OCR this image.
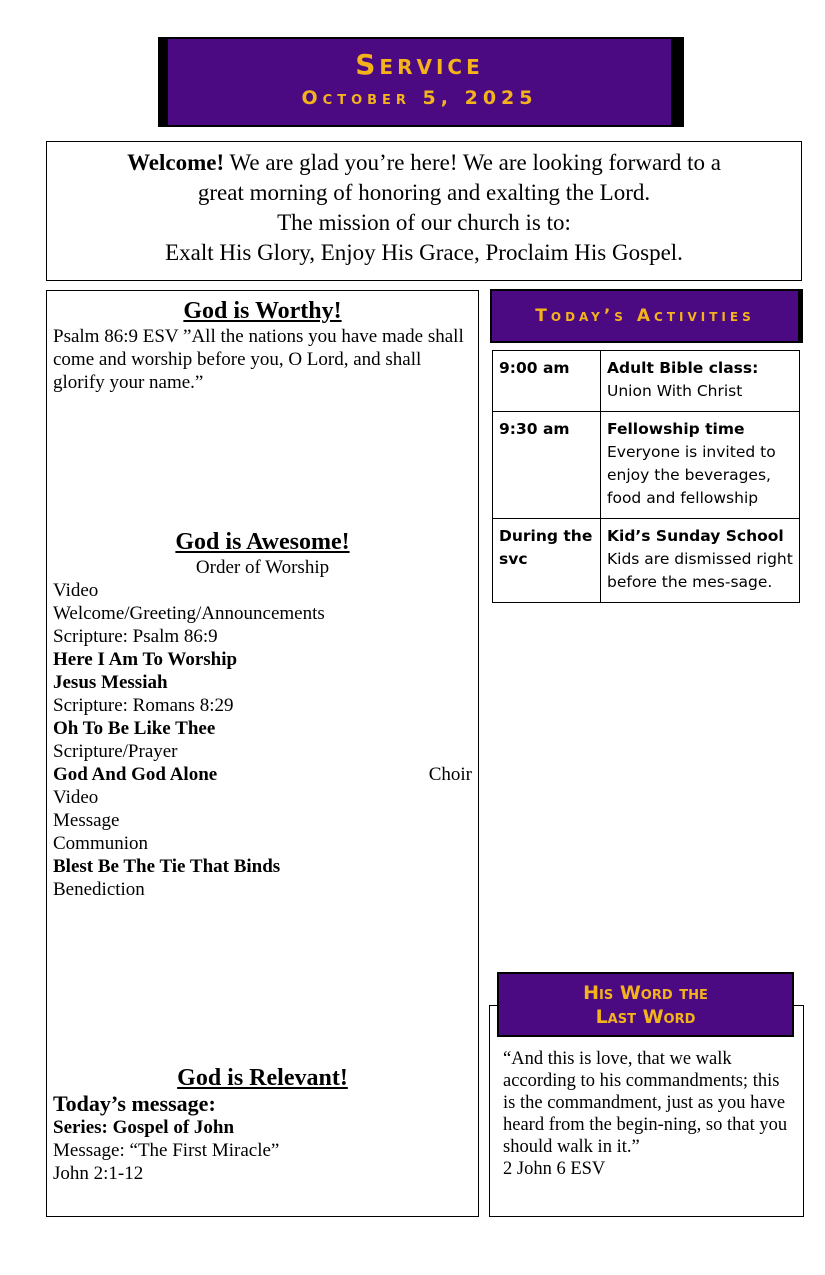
Service
October 5, 2025
Welcome! We are glad you’re here! We are looking forward to a
great morning of honoring and exalting the Lord.
The mission of our church is to:
Exalt His Glory, Enjoy His Grace, Proclaim His Gospel.
God is Worthy!
Psalm 86:9 ESV ”All the nations you have made shall come and worship before you, O Lord, and shall glorify your name.”
God is Awesome!
Order of Worship
Video
Welcome/Greeting/Announcements
Scripture: Psalm 86:9
Here I Am To Worship
Jesus Messiah
Scripture: Romans 8:29
Oh To Be Like Thee
Scripture/Prayer
God And God Alone	Choir
Video
Message
Communion
Blest Be The Tie That Binds
Benediction
God is Relevant!
Today’s message:
Series: Gospel of John
Message: “The First Miracle”
John 2:1-12
Today’s Activities
9:00 am	Adult Bible class:
Union With Christ

9:30 am	Fellowship time
Everyone is invited to enjoy the beverages, food and fellowship

During the svc	Kid’s Sunday School
Kids are dismissed right before the mes-sage.
“And this is love, that we walk according to his commandments; this is the commandment, just as you have heard from the begin-ning, so that you should walk in it.”
2 John 6 ESV
His Word the
Last Word
